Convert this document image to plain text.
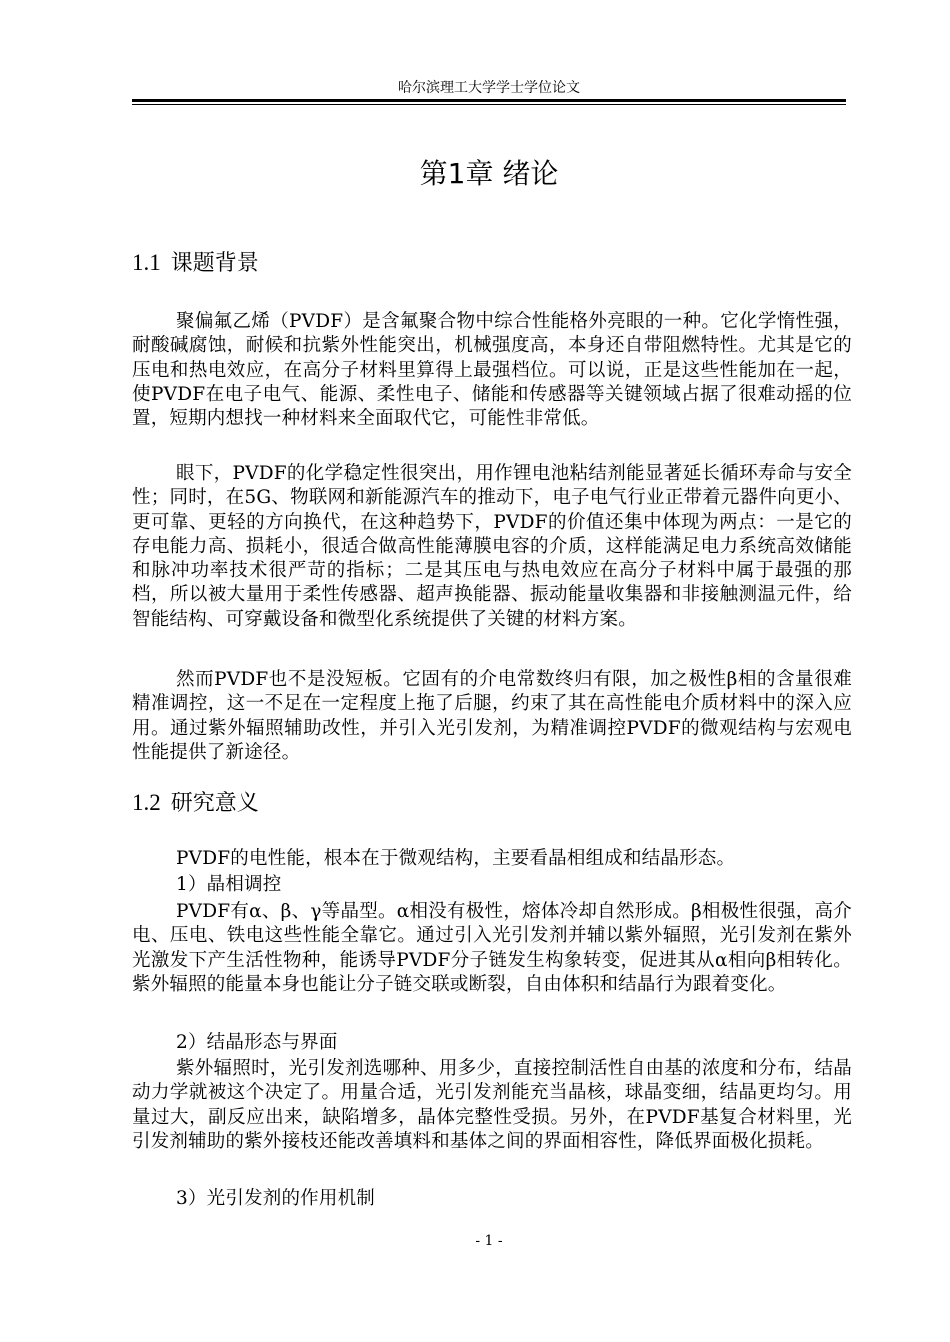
哈尔滨理工大学学士学位论文
第1章 绪论
1.1 课题背景

聚偏氟乙烯（PVDF）是含氟聚合物中综合性能格外亮眼的一种。它化学惰性强，耐酸碱腐蚀，耐候和抗紫外性能突出，机械强度高，本身还自带阻燃特性。尤其是它的压电和热电效应，在高分子材料里算得上最强档位。可以说，正是这些性能加在一起，使PVDF在电子电气、能源、柔性电子、储能和传感器等关键领域占据了很难动摇的位置，短期内想找一种材料来全面取代它，可能性非常低。

眼下，PVDF的化学稳定性很突出，用作锂电池粘结剂能显著延长循环寿命与安全性；同时，在5G、物联网和新能源汽车的推动下，电子电气行业正带着元器件向更小、更可靠、更轻的方向换代，在这种趋势下，PVDF的价值还集中体现为两点：一是它的存电能力高、损耗小，很适合做高性能薄膜电容的介质，这样能满足电力系统高效储能和脉冲功率技术很严苛的指标；二是其压电与热电效应在高分子材料中属于最强的那档，所以被大量用于柔性传感器、超声换能器、振动能量收集器和非接触测温元件，给智能结构、可穿戴设备和微型化系统提供了关键的材料方案。

然而PVDF也不是没短板。它固有的介电常数终归有限，加之极性β相的含量很难精准调控，这一不足在一定程度上拖了后腿，约束了其在高性能电介质材料中的深入应用。通过紫外辐照辅助改性，并引入光引发剂，为精准调控PVDF的微观结构与宏观电性能提供了新途径。

1.2 研究意义

PVDF的电性能，根本在于微观结构，主要看晶相组成和结晶形态。

1）晶相调控

PVDF有α、β、γ等晶型。α相没有极性，熔体冷却自然形成。β相极性很强，高介电、压电、铁电这些性能全靠它。通过引入光引发剂并辅以紫外辐照，光引发剂在紫外光激发下产生活性物种，能诱导PVDF分子链发生构象转变，促进其从α相向β相转化。紫外辐照的能量本身也能让分子链交联或断裂，自由体积和结晶行为跟着变化。

2）结晶形态与界面

紫外辐照时，光引发剂选哪种、用多少，直接控制活性自由基的浓度和分布，结晶动力学就被这个决定了。用量合适，光引发剂能充当晶核，球晶变细，结晶更均匀。用量过大，副反应出来，缺陷增多，晶体完整性受损。另外，在PVDF基复合材料里，光引发剂辅助的紫外接枝还能改善填料和基体之间的界面相容性，降低界面极化损耗。

3）光引发剂的作用机制

- 1 -
